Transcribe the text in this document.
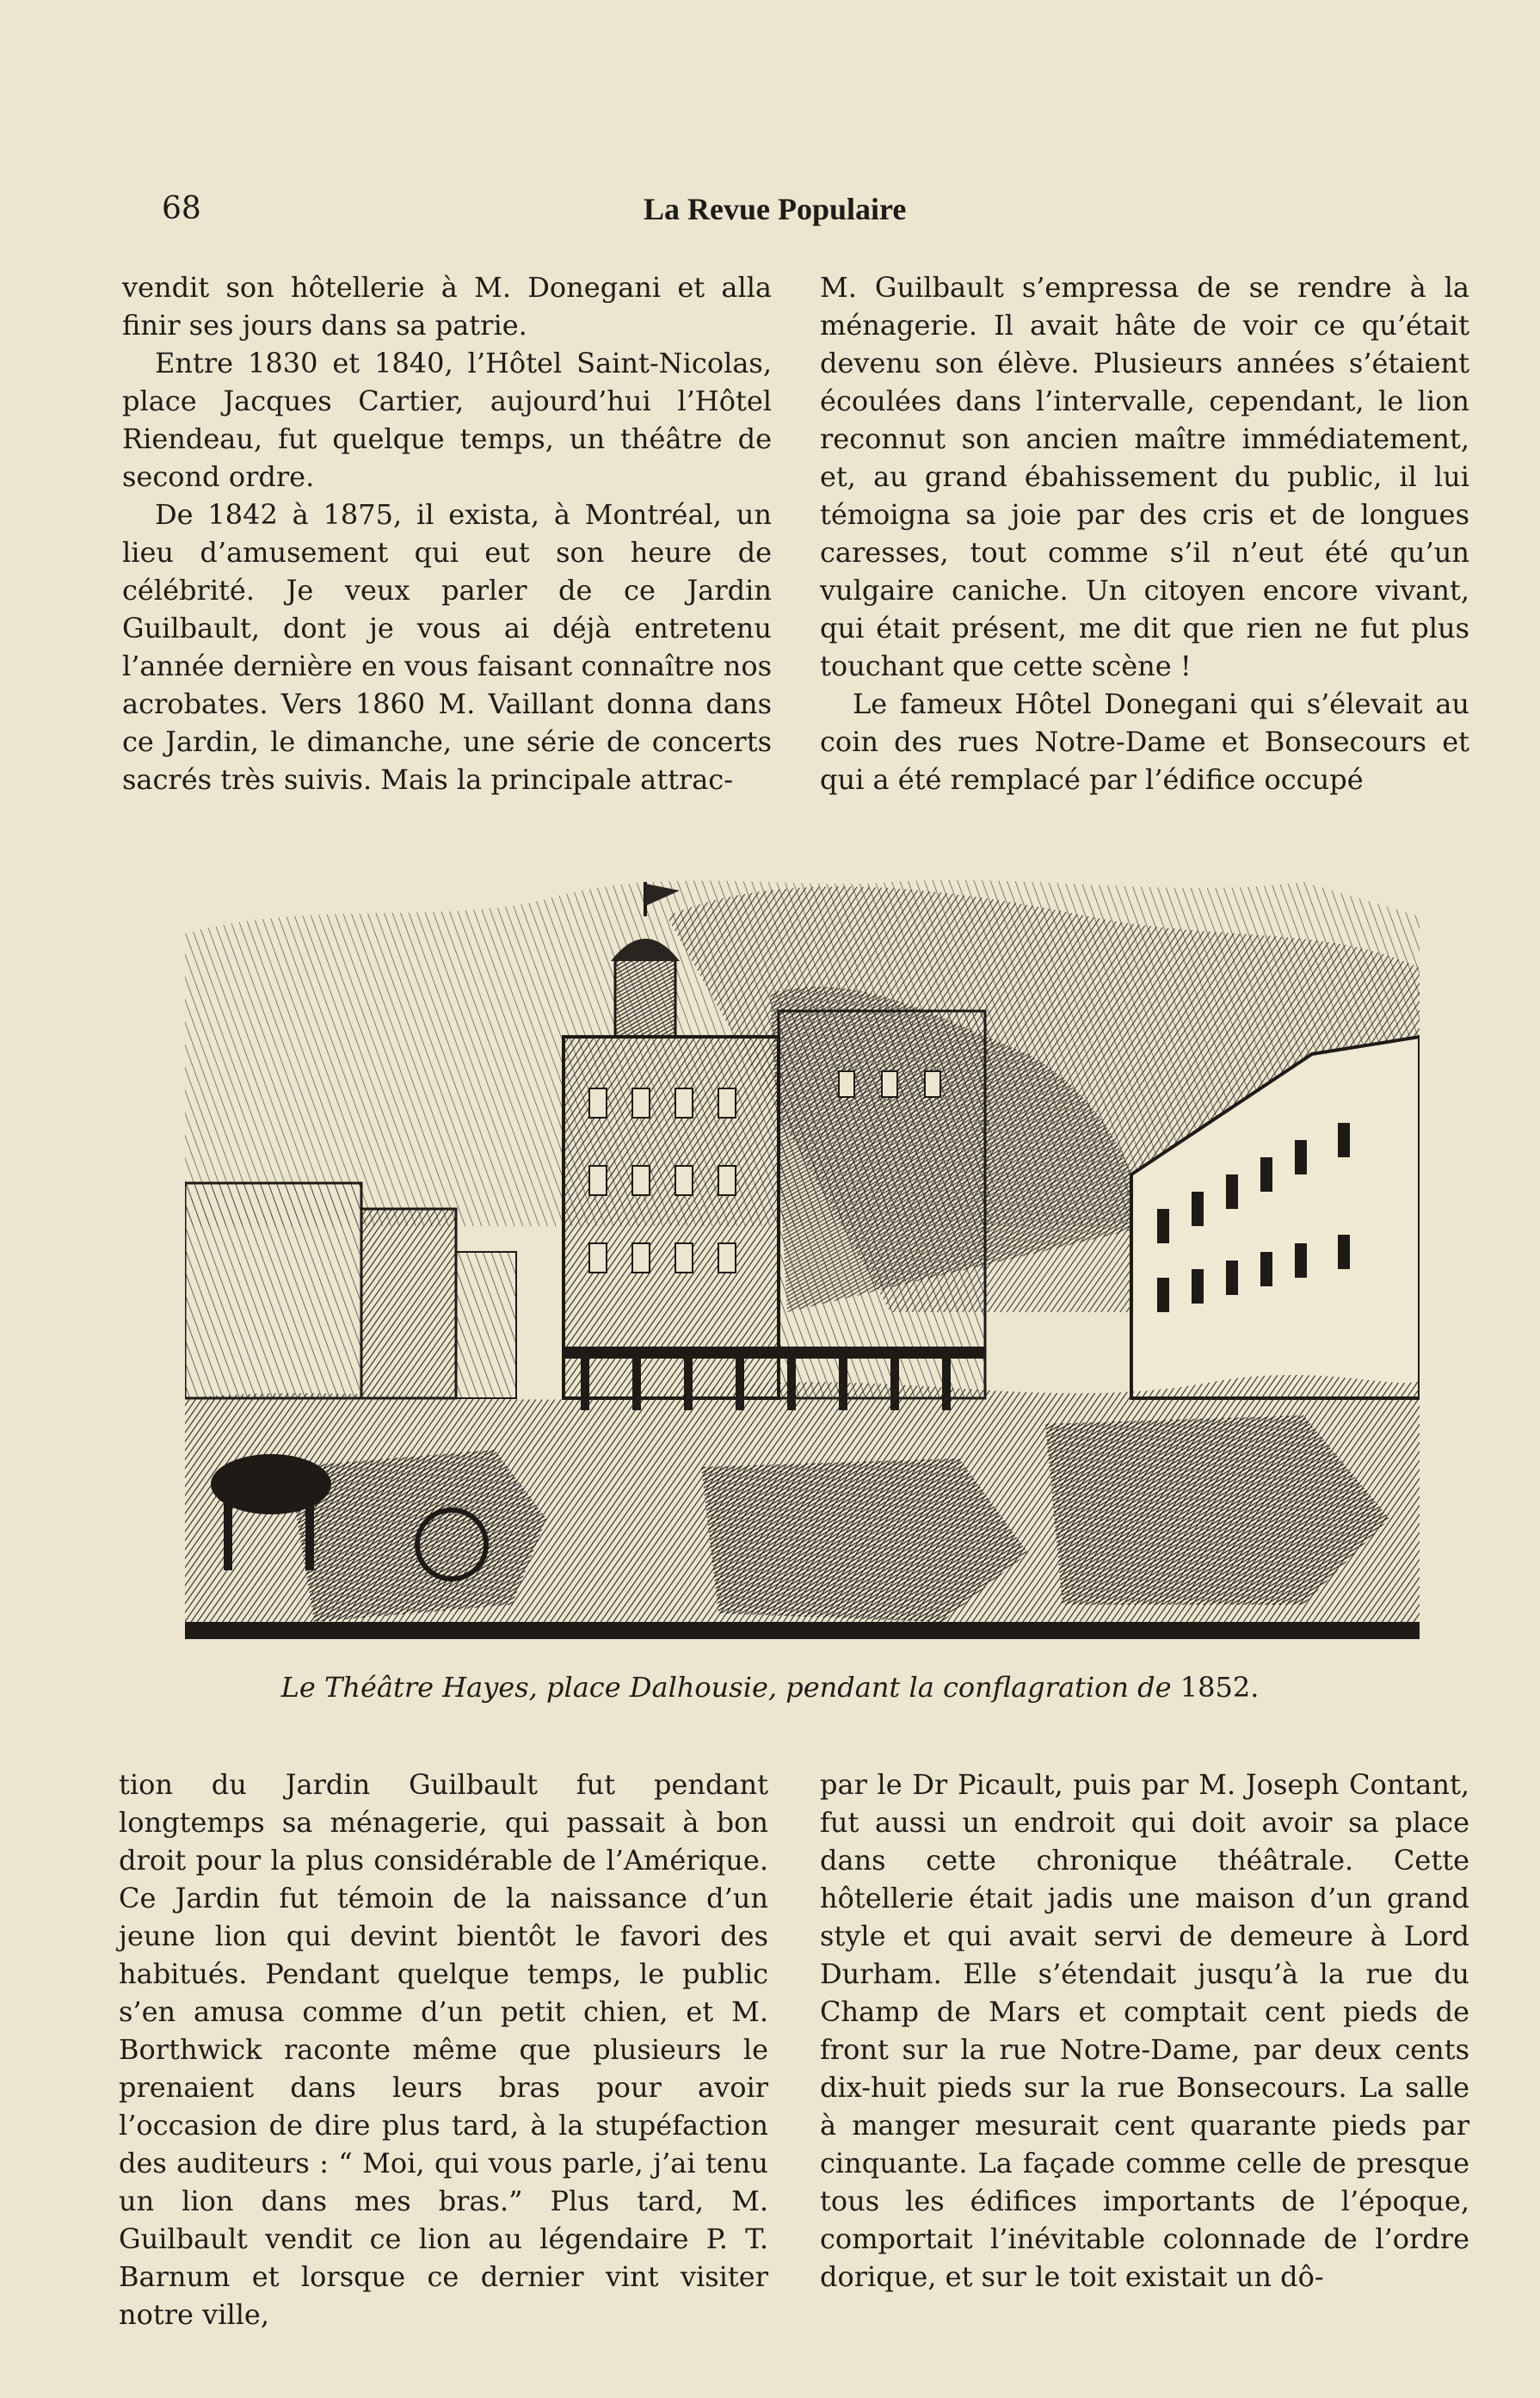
68	La Revue Populaire

vendit son hôtellerie à M. Donegani et alla finir ses jours dans sa patrie.

Entre 1830 et 1840, l’Hôtel Saint-Nicolas, place Jacques Cartier, aujourd’hui l’Hôtel Riendeau, fut quelque temps, un théâtre de second ordre.

De 1842 à 1875, il exista, à Montréal, un lieu d’amusement qui eut son heure de célébrité. Je veux parler de ce Jardin Guilbault, dont je vous ai déjà entretenu l’année dernière en vous faisant connaître nos acrobates. Vers 1860 M. Vaillant donna dans ce Jardin, le dimanche, une série de concerts sacrés très suivis. Mais la principale attrac-

M. Guilbault s’empressa de se rendre à la ménagerie. Il avait hâte de voir ce qu’était devenu son élève. Plusieurs années s’étaient écoulées dans l’intervalle, cependant, le lion reconnut son ancien maître immédiatement, et, au grand ébahissement du public, il lui témoigna sa joie par des cris et de longues caresses, tout comme s’il n’eut été qu’un vulgaire caniche. Un citoyen encore vivant, qui était présent, me dit que rien ne fut plus touchant que cette scène !

Le fameux Hôtel Donegani qui s’élevait au coin des rues Notre-Dame et Bonsecours et qui a été remplacé par l’édifice occupé

Le Théâtre Hayes, place Dalhousie, pendant la conflagration de 1852.

tion du Jardin Guilbault fut pendant longtemps sa ménagerie, qui passait à bon droit pour la plus considérable de l’Amérique. Ce Jardin fut témoin de la naissance d’un jeune lion qui devint bientôt le favori des habitués. Pendant quelque temps, le public s’en amusa comme d’un petit chien, et M. Borthwick raconte même que plusieurs le prenaient dans leurs bras pour avoir l’occasion de dire plus tard, à la stupéfaction des auditeurs : “ Moi, qui vous parle, j’ai tenu un lion dans mes bras.” Plus tard, M. Guilbault vendit ce lion au légendaire P. T. Barnum et lorsque ce dernier vint visiter notre ville,

par le Dr Picault, puis par M. Joseph Contant, fut aussi un endroit qui doit avoir sa place dans cette chronique théâtrale. Cette hôtellerie était jadis une maison d’un grand style et qui avait servi de demeure à Lord Durham. Elle s’étendait jusqu’à la rue du Champ de Mars et comptait cent pieds de front sur la rue Notre-Dame, par deux cents dix-huit pieds sur la rue Bonsecours. La salle à manger mesurait cent quarante pieds par cinquante. La façade comme celle de presque tous les édifices importants de l’époque, comportait l’inévitable colonnade de l’ordre dorique, et sur le toit existait un dô-
